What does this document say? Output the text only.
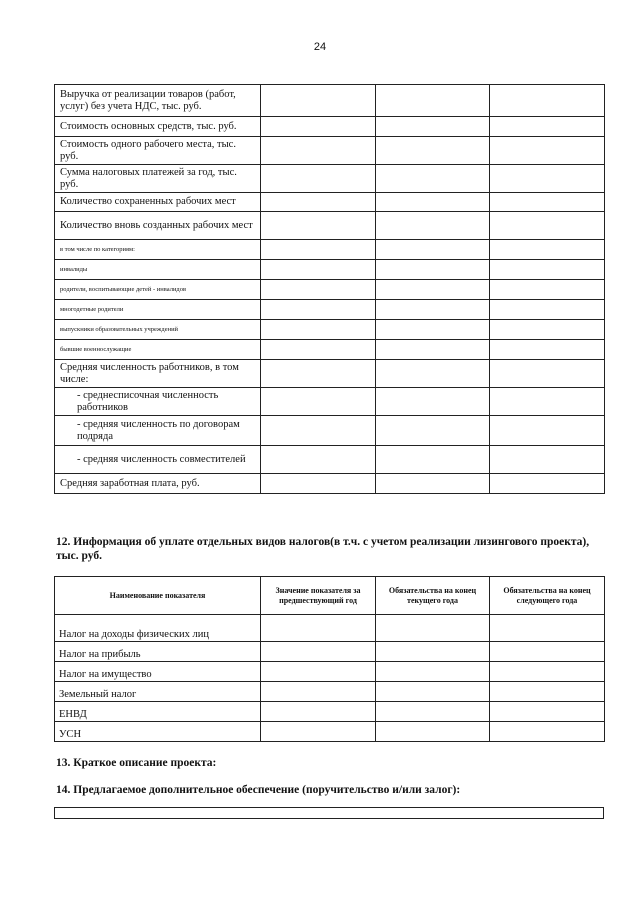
24
Выручка от реализации товаров (работ, услуг) без учета НДС, тыс. руб.			
Стоимость основных средств, тыс. руб.			
Стоимость одного рабочего места, тыс. руб.			
Сумма налоговых платежей за год, тыс. руб.			
Количество сохраненных рабочих мест			
Количество вновь созданных рабочих мест			
в том числе по категориям:			
инвалиды			
родители, воспитывающие детей - инвалидов			
многодетные родители			
выпускники образовательных учреждений			
бывшие военнослужащие			
Средняя численность работников, в том числе:			
- среднесписочная численность работников			
- средняя численность по договорам подряда			
- средняя численность совместителей			
Средняя заработная плата, руб.			
12. Информация об уплате отдельных видов налогов(в т.ч. с учетом реализации лизингового проекта), тыс. руб.
Наименование показателя	Значение показателя за предшествующий год	Обязательства на конец текущего года	Обязательства на конец следующего года
Налог на доходы физических лиц			
Налог на прибыль			
Налог на имущество			
Земельный налог			
ЕНВД			
УСН			
13. Краткое описание проекта:
14. Предлагаемое дополнительное обеспечение (поручительство и/или залог):
